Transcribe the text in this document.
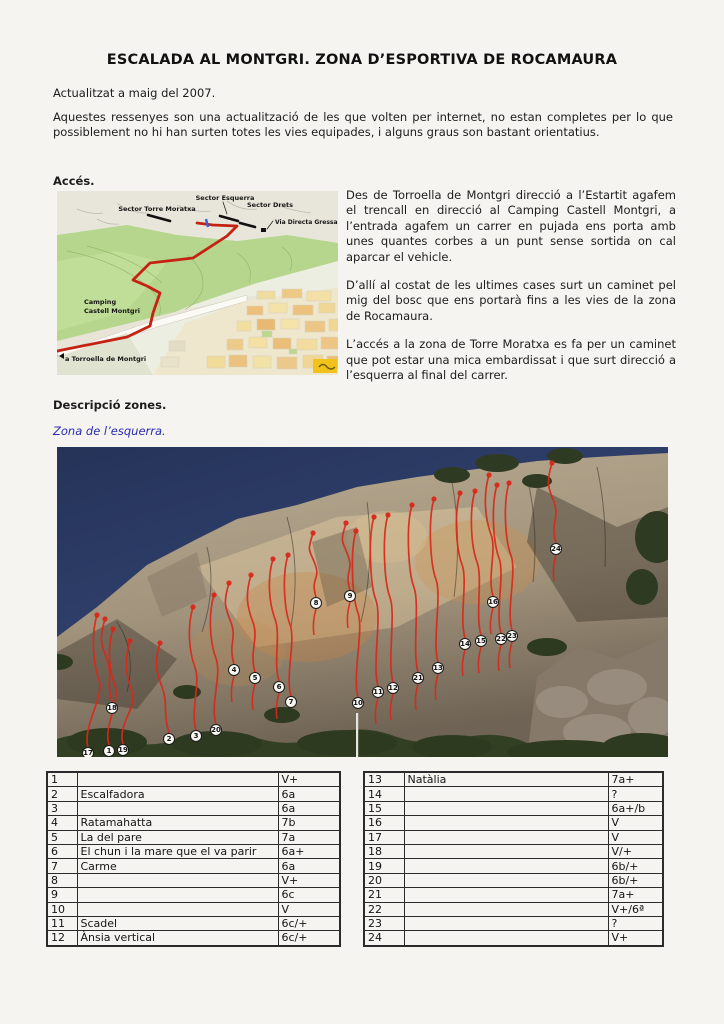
ESCALADA AL MONTGRI. ZONA D’ESPORTIVA DE ROCAMAURA
Actualitzat a maig del 2007.
Aquestes ressenyes son una actualització de les que volten per internet, no estan completes per lo que possiblement no hi han surten totes les vies equipades, i alguns graus son bastant orientatius.
Accés.
Sector Torre Moratxa
Sector Esquerra
Sector Drets
Via Directa Gressa
Camping
Castell Montgri
a Torroella de Montgri

Des de Torroella de Montgri direcció a l’Estartit agafem el trencall en direcció al Camping Castell Montgri, a l’entrada agafem un carrer en pujada ens porta amb unes quantes corbes a un punt sense sortida on cal aparcar el vehicle.

D’allí al costat de les ultimes cases surt un caminet pel mig del bosc que ens portarà fins a les vies de la zona de Rocamaura.

L’accés a la zona de Torre Moratxa es fa per un caminet que pot estar una mica embardissat i que surt direcció a l’esquerra al final del carrer.

Descripció zones.
Zona de l’esquerra.
17	1 19
18
2	3
20
4
5
6
7
8
9
10
11 12
21
13
14 15 22 23
16
24
1		V+
2	Escalfadora	6a
3		6a
4	Ratamahatta	7b
5	La del pare	7a
6	El chun i la mare que el va parir	6a+
7	Carme	6a
8		V+
9		6c
10		V
11	Scadel	6c/+
12	Ànsia vertical	6c/+
13	Natàlia	7a+
14		?
15		6a+/b
16		V
17		V
18		V/+
19		6b/+
20		6b/+
21		7a+
22		V+/6ª
23		?
24		V+
